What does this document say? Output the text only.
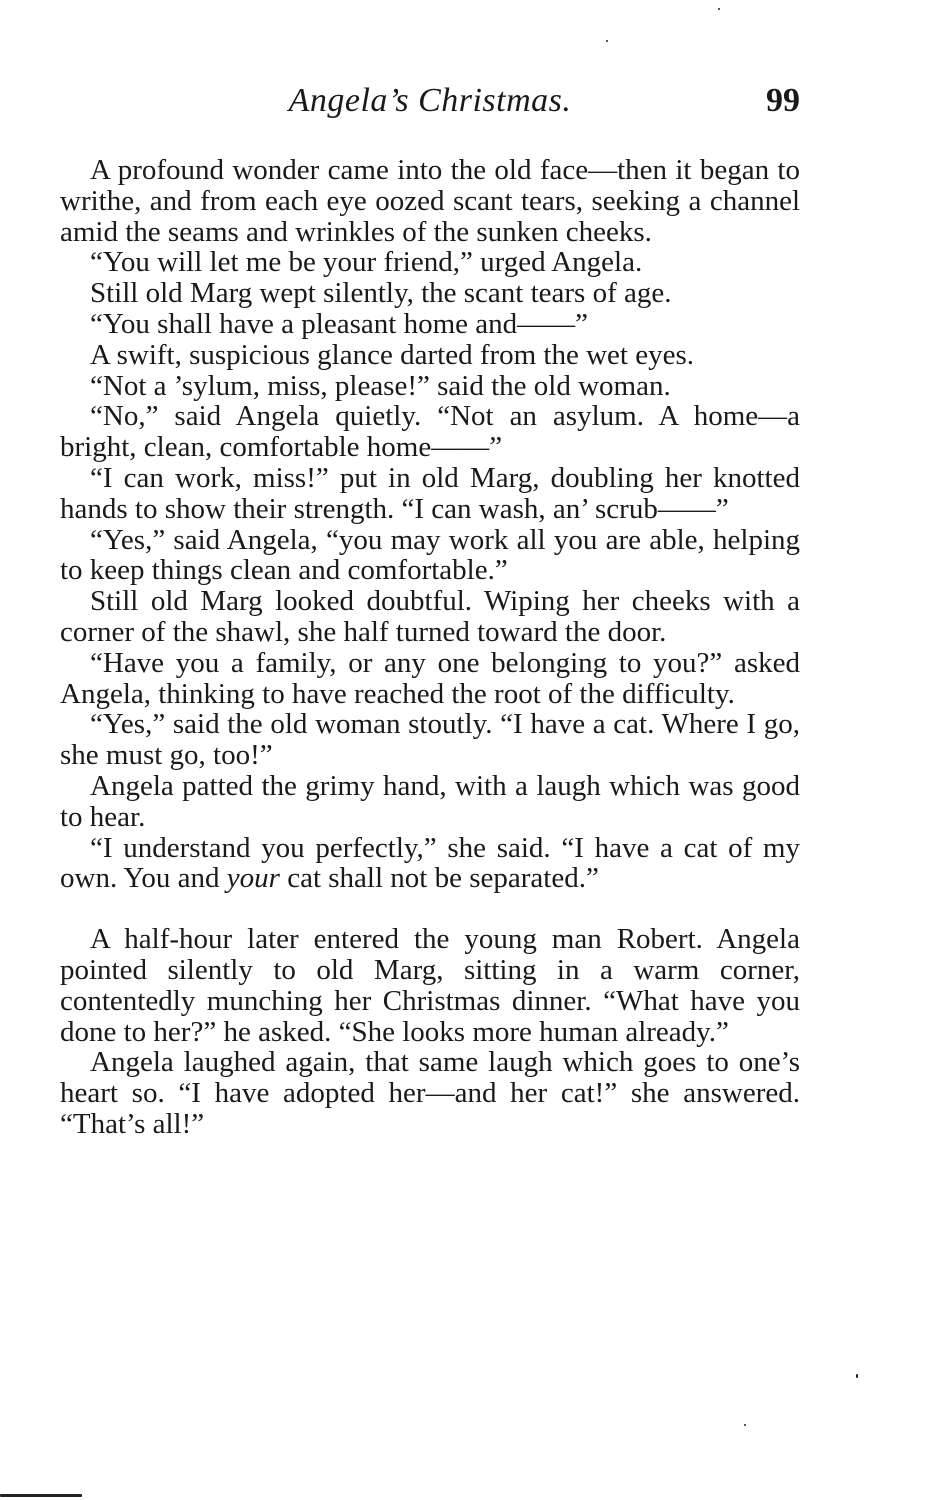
Angela’s Christmas.	99

A profound wonder came into the old face—then it began to writhe, and from each eye oozed scant tears, seeking a channel amid the seams and wrinkles of the sunken cheeks.

“You will let me be your friend,” urged Angela.

Still old Marg wept silently, the scant tears of age.

“You shall have a pleasant home and——”

A swift, suspicious glance darted from the wet eyes.

“Not a ’sylum, miss, please!” said the old woman.

“No,” said Angela quietly. “Not an asylum. A home—a bright, clean, comfortable home——”

“I can work, miss!” put in old Marg, doubling her knotted hands to show their strength. “I can wash, an’ scrub——”

“Yes,” said Angela, “you may work all you are able, helping to keep things clean and comfortable.”

Still old Marg looked doubtful. Wiping her cheeks with a corner of the shawl, she half turned toward the door.

“Have you a family, or any one belonging to you?” asked Angela, thinking to have reached the root of the difficulty.

“Yes,” said the old woman stoutly. “I have a cat. Where I go, she must go, too!”

Angela patted the grimy hand, with a laugh which was good to hear.

“I understand you perfectly,” she said. “I have a cat of my own. You and your cat shall not be separated.”

A half-hour later entered the young man Robert. Angela pointed silently to old Marg, sitting in a warm corner, contentedly munching her Christmas dinner. “What have you done to her?” he asked. “She looks more human already.”

Angela laughed again, that same laugh which goes to one’s heart so. “I have adopted her—and her cat!” she answered. “That’s all!”
